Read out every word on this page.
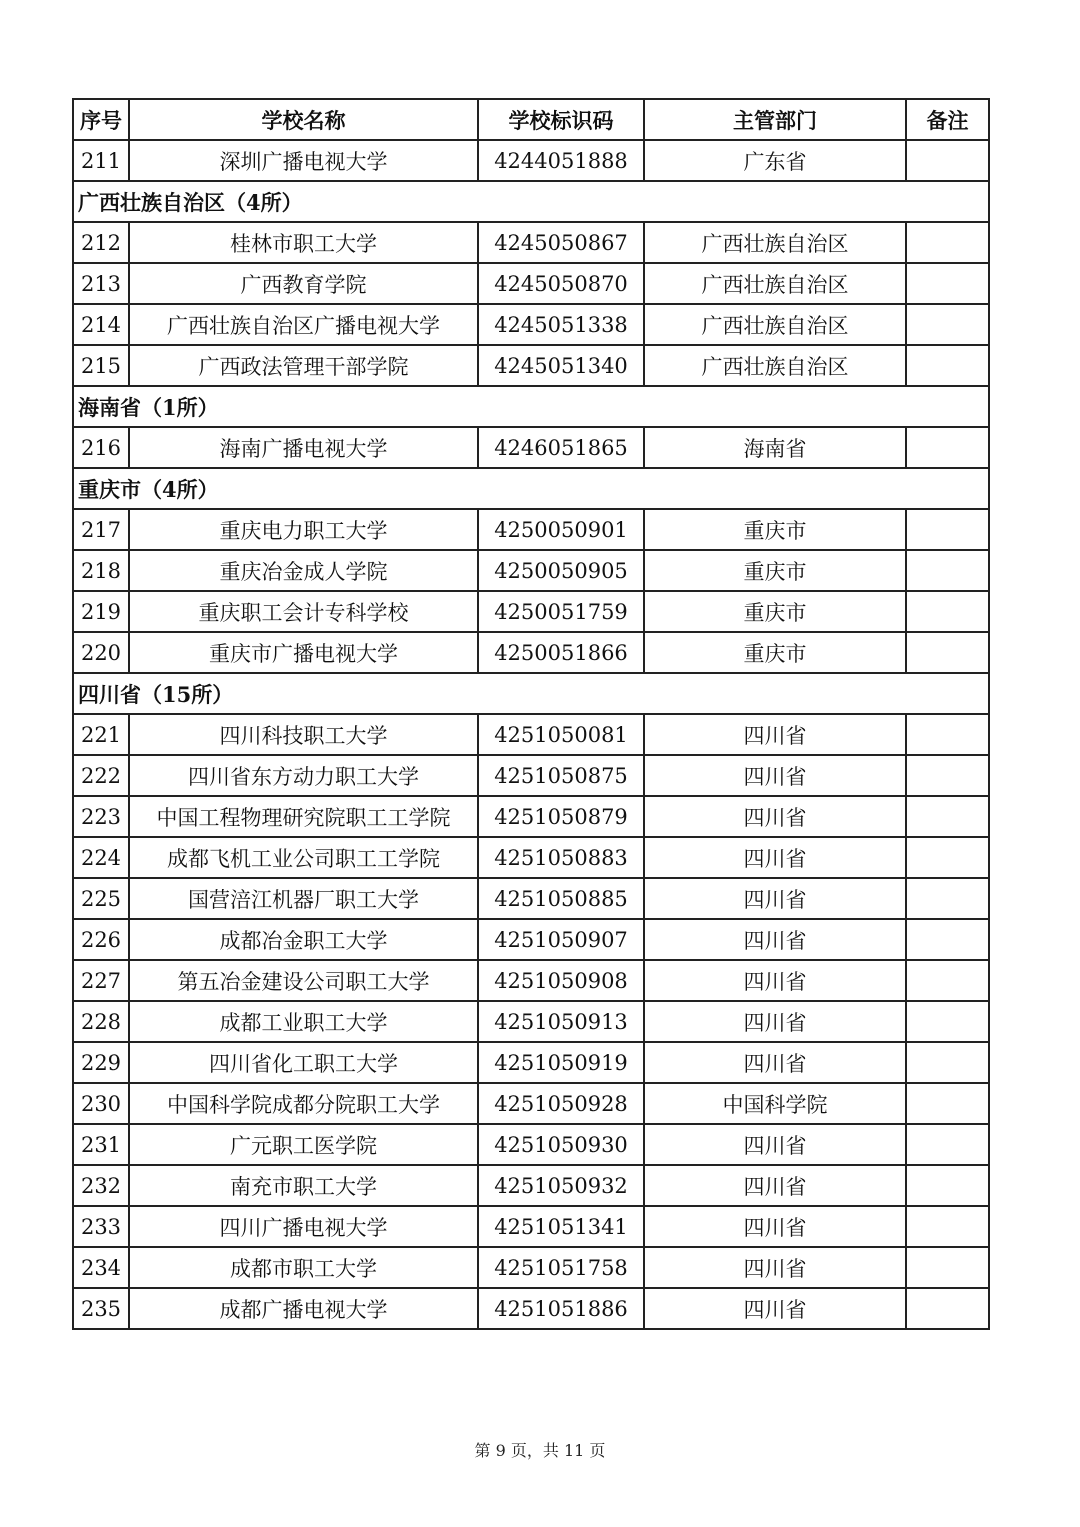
序号	学校名称	学校标识码	主管部门	备注
211	深圳广播电视大学	4244051888	广东省	
广西壮族自治区（4所）				
212	桂林市职工大学	4245050867	广西壮族自治区	
213	广西教育学院	4245050870	广西壮族自治区	
214	广西壮族自治区广播电视大学	4245051338	广西壮族自治区	
215	广西政法管理干部学院	4245051340	广西壮族自治区	
海南省（1所）				
216	海南广播电视大学	4246051865	海南省	
重庆市（4所）				
217	重庆电力职工大学	4250050901	重庆市	
218	重庆冶金成人学院	4250050905	重庆市	
219	重庆职工会计专科学校	4250051759	重庆市	
220	重庆市广播电视大学	4250051866	重庆市	
四川省（15所）				
221	四川科技职工大学	4251050081	四川省	
222	四川省东方动力职工大学	4251050875	四川省	
223	中国工程物理研究院职工工学院	4251050879	四川省	
224	成都飞机工业公司职工工学院	4251050883	四川省	
225	国营涪江机器厂职工大学	4251050885	四川省	
226	成都冶金职工大学	4251050907	四川省	
227	第五冶金建设公司职工大学	4251050908	四川省	
228	成都工业职工大学	4251050913	四川省	
229	四川省化工职工大学	4251050919	四川省	
230	中国科学院成都分院职工大学	4251050928	中国科学院	
231	广元职工医学院	4251050930	四川省	
232	南充市职工大学	4251050932	四川省	
233	四川广播电视大学	4251051341	四川省	
234	成都市职工大学	4251051758	四川省	
235	成都广播电视大学	4251051886	四川省	
第 9 页，共 11 页
